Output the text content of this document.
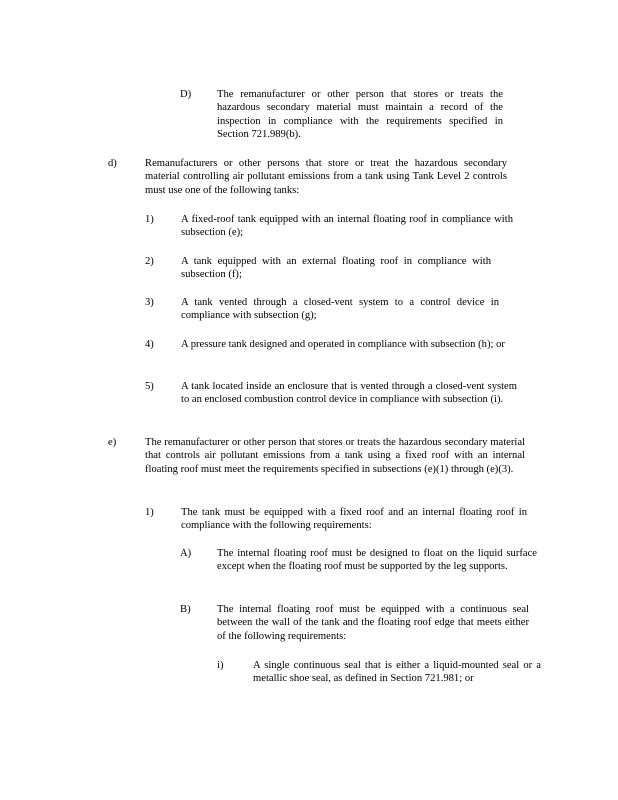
D) The remanufacturer or other person that stores or treats the hazardous secondary material must maintain a record of the inspection in compliance with the requirements specified in Section 721.989(b).
d)	Remanufacturers or other persons that store or treat the hazardous secondary material controlling air pollutant emissions from a tank using Tank Level 2 controls must use one of the following tanks:
1)	A fixed-roof tank equipped with an internal floating roof in compliance with subsection (e);
2)	A tank equipped with an external floating roof in compliance with subsection (f);
3)	A tank vented through a closed-vent system to a control device in compliance with subsection (g);
4)	A pressure tank designed and operated in compliance with subsection (h); or
5)	A tank located inside an enclosure that is vented through a closed-vent system to an enclosed combustion control device in compliance with subsection (i).
e)	The remanufacturer or other person that stores or treats the hazardous secondary material that controls air pollutant emissions from a tank using a fixed roof with an internal floating roof must meet the requirements specified in subsections (e)(1) through (e)(3).
1)	The tank must be equipped with a fixed roof and an internal floating roof in compliance with the following requirements:
A) The internal floating roof must be designed to float on the liquid surface except when the floating roof must be supported by the leg supports.
B) The internal floating roof must be equipped with a continuous seal between the wall of the tank and the floating roof edge that meets either of the following requirements:
i)	A single continuous seal that is either a liquid-mounted seal or a metallic shoe seal, as defined in Section 721.981; or
